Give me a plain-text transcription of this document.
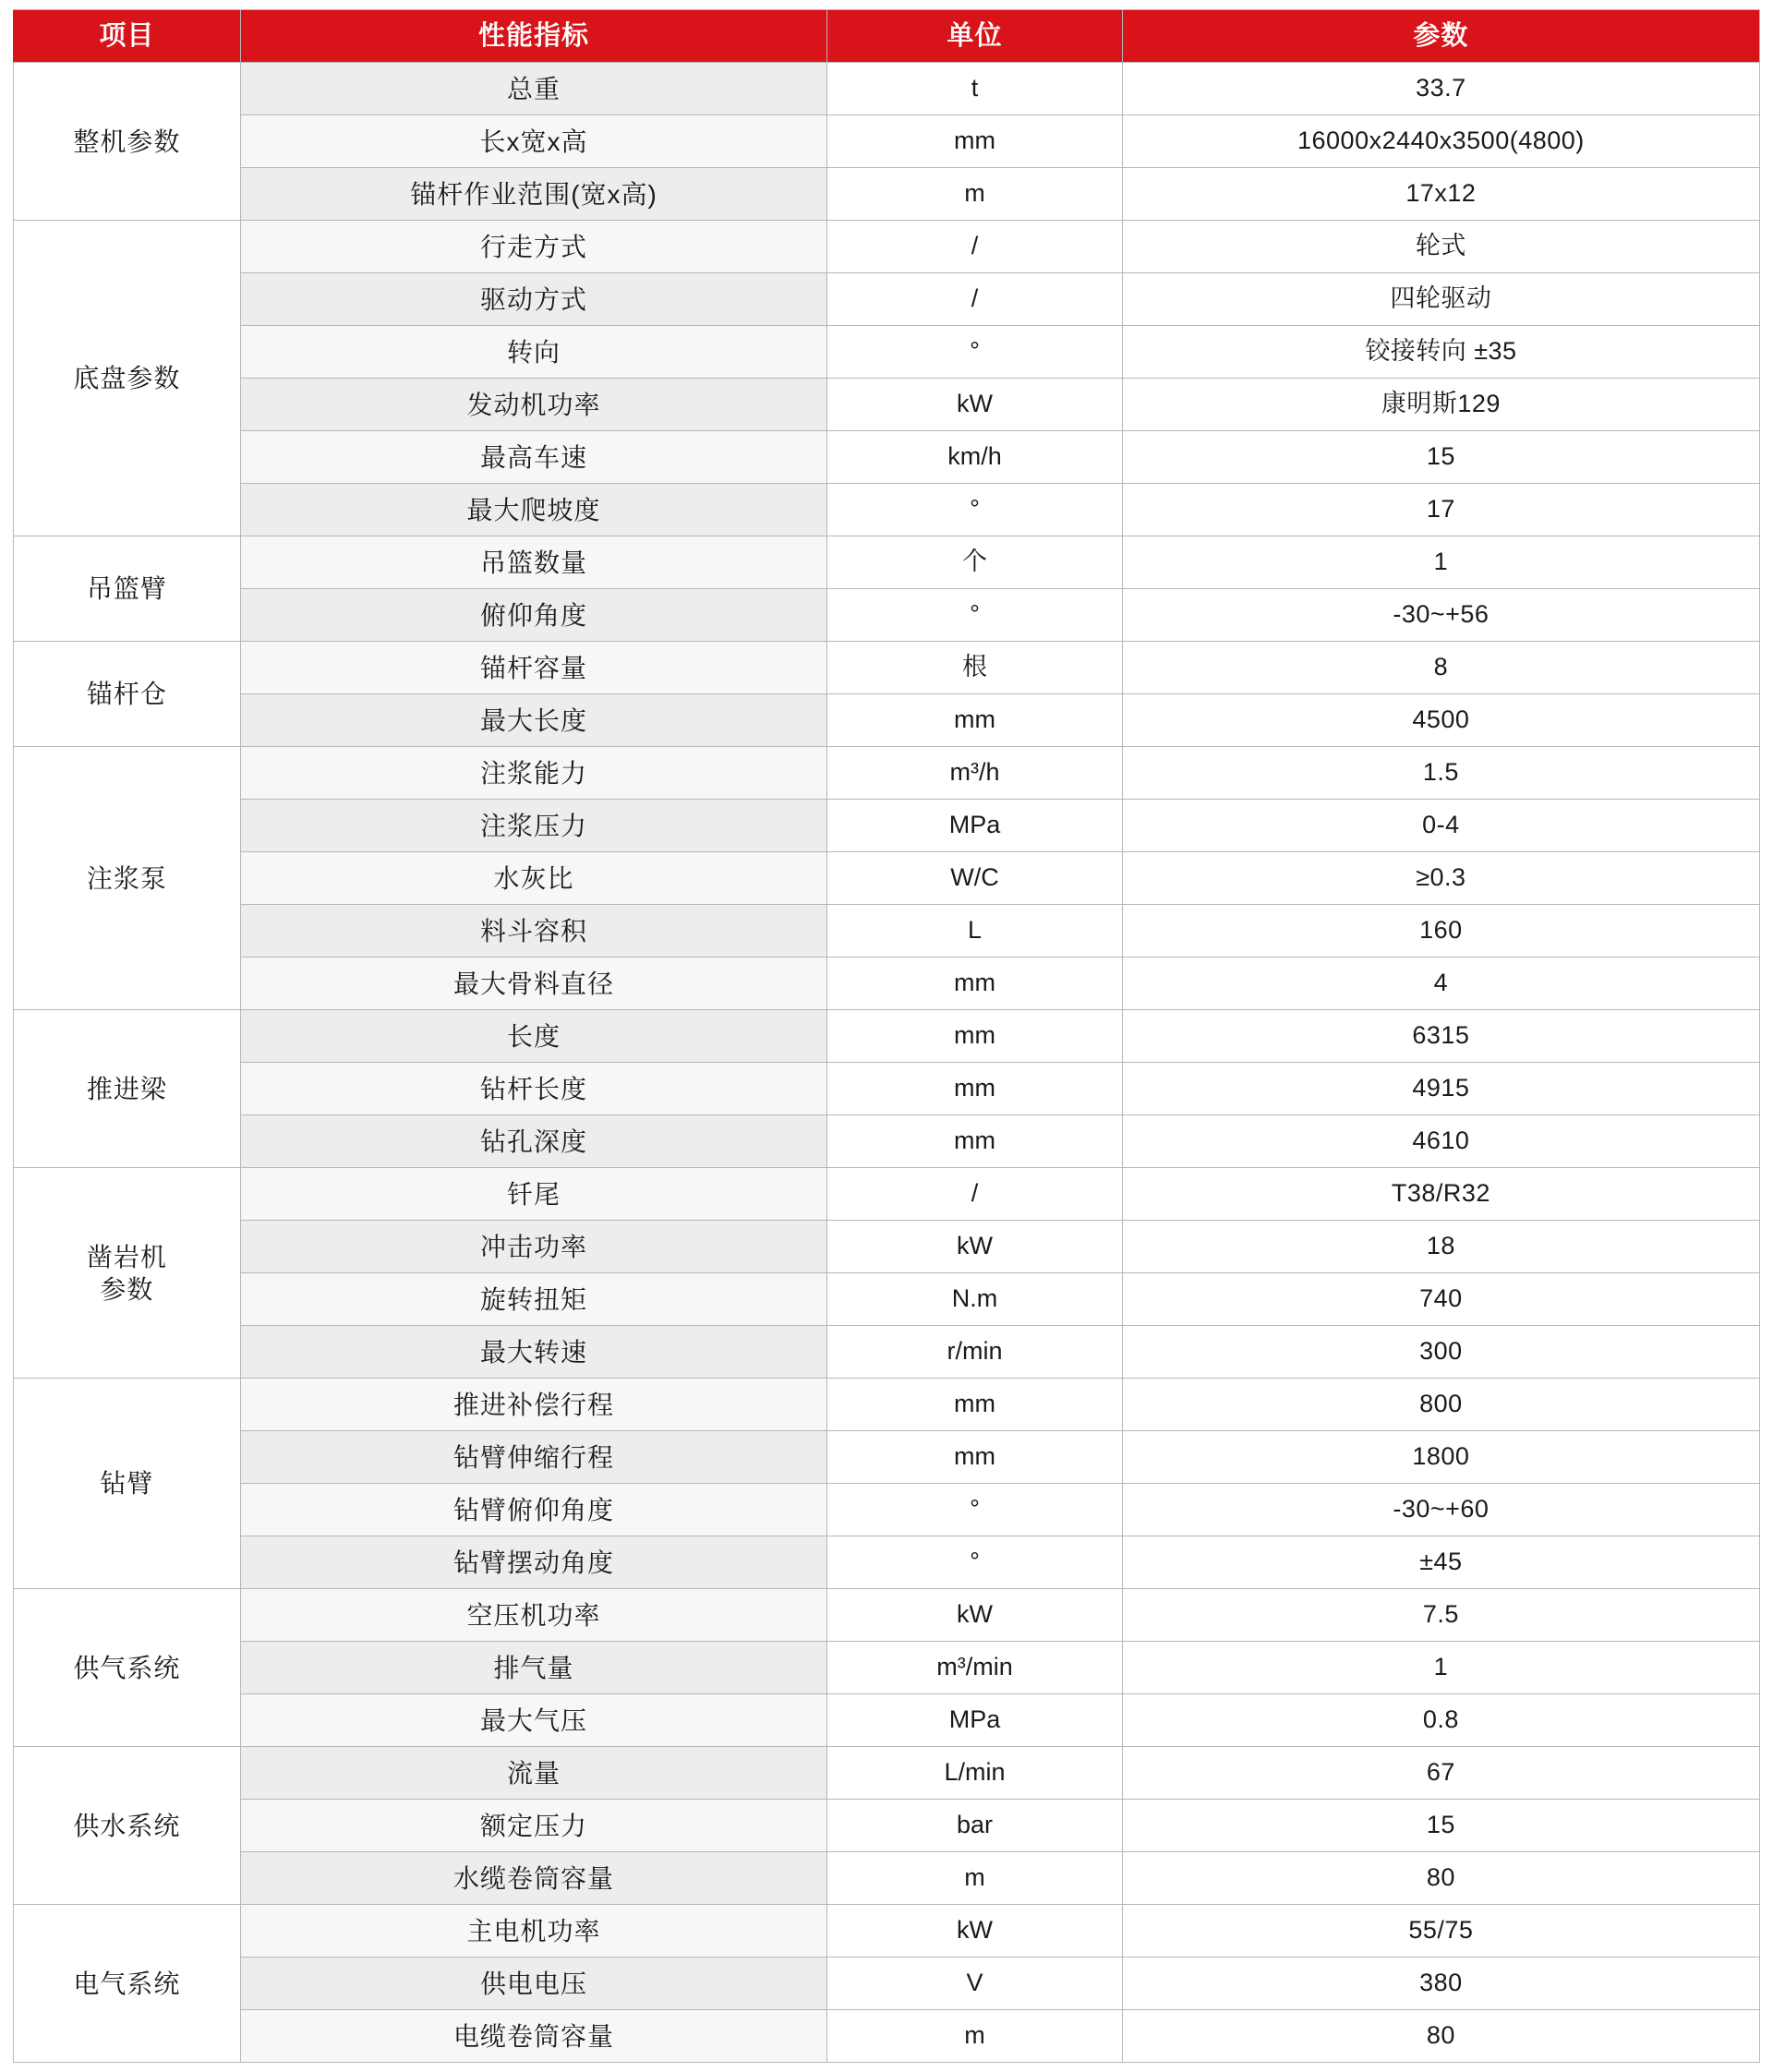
项目	性能指标	单位	参数

整机参数	总重	t	33.7
	长x宽x高	mm	16000x2440x3500(4800)
	锚杆作业范围(宽x高)	m	17x12

底盘参数	行走方式	/	轮式
	驱动方式	/	四轮驱动
	转向	°	铰接转向 ±35
	发动机功率	kW	康明斯129
	最高车速	km/h	15
	最大爬坡度	°	17

吊篮臂	吊篮数量	个	1
	俯仰角度	°	-30~+56

锚杆仓	锚杆容量	根	8
	最大长度	mm	4500

注浆泵	注浆能力	m³/h	1.5
	注浆压力	MPa	0-4
	水灰比	W/C	≥0.3
	料斗容积	L	160
	最大骨料直径	mm	4

推进梁	长度	mm	6315
	钻杆长度	mm	4915
	钻孔深度	mm	4610

凿岩机
参数	钎尾	/	T38/R32
	冲击功率	kW	18
	旋转扭矩	N.m	740
	最大转速	r/min	300

钻臂	推进补偿行程	mm	800
	钻臂伸缩行程	mm	1800
	钻臂俯仰角度	°	-30~+60
	钻臂摆动角度	°	±45

供气系统	空压机功率	kW	7.5
	排气量	m³/min	1
	最大气压	MPa	0.8

供水系统	流量	L/min	67
	额定压力	bar	15
	水缆卷筒容量	m	80

电气系统	主电机功率	kW	55/75
	供电电压	V	380
	电缆卷筒容量	m	80
